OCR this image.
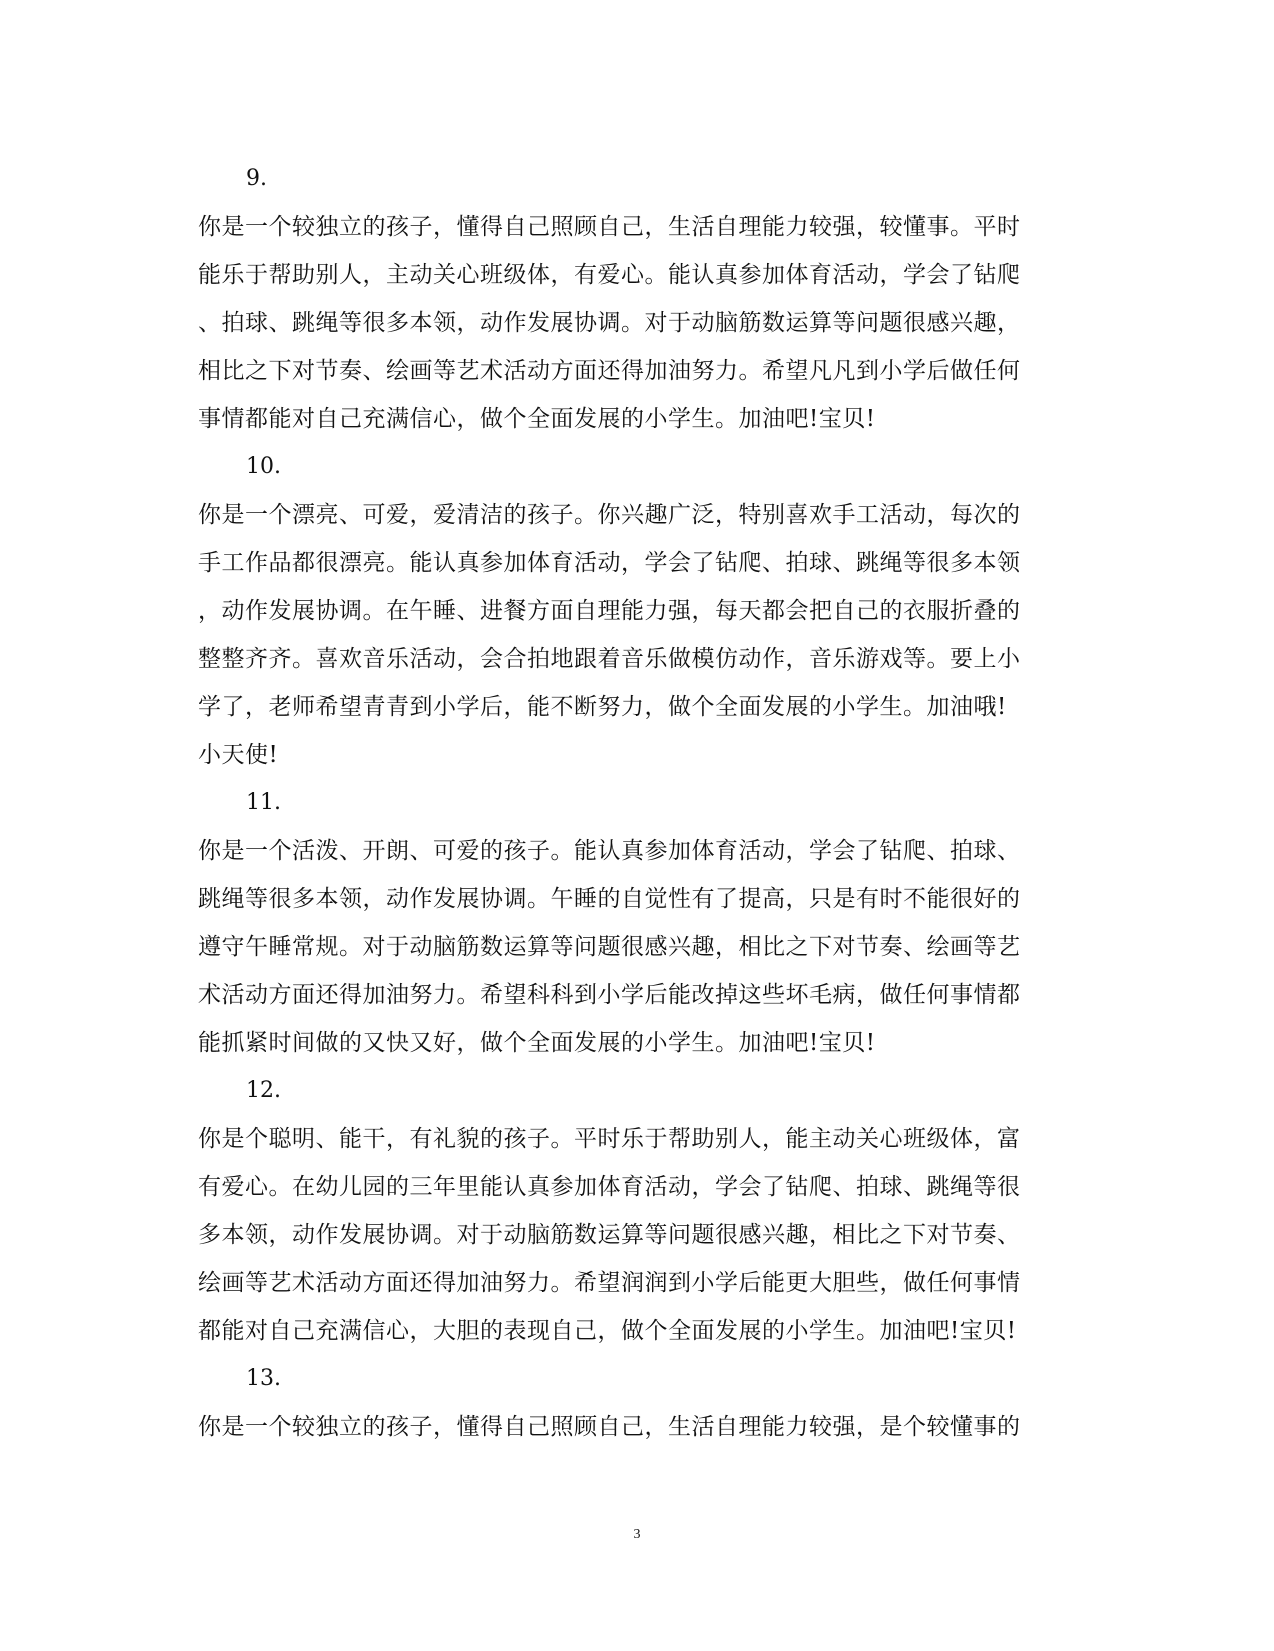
9.
你是一个较独立的孩子，懂得自己照顾自己，生活自理能力较强，较懂事。平时
能乐于帮助别人，主动关心班级体，有爱心。能认真参加体育活动，学会了钻爬
、拍球、跳绳等很多本领，动作发展协调。对于动脑筋数运算等问题很感兴趣，
相比之下对节奏、绘画等艺术活动方面还得加油努力。希望凡凡到小学后做任何
事情都能对自己充满信心，做个全面发展的小学生。加油吧!宝贝!
10.
你是一个漂亮、可爱，爱清洁的孩子。你兴趣广泛，特别喜欢手工活动，每次的
手工作品都很漂亮。能认真参加体育活动，学会了钻爬、拍球、跳绳等很多本领
，动作发展协调。在午睡、进餐方面自理能力强，每天都会把自己的衣服折叠的
整整齐齐。喜欢音乐活动，会合拍地跟着音乐做模仿动作，音乐游戏等。要上小
学了，老师希望青青到小学后，能不断努力，做个全面发展的小学生。加油哦!
小天使!
11.
你是一个活泼、开朗、可爱的孩子。能认真参加体育活动，学会了钻爬、拍球、
跳绳等很多本领，动作发展协调。午睡的自觉性有了提高，只是有时不能很好的
遵守午睡常规。对于动脑筋数运算等问题很感兴趣，相比之下对节奏、绘画等艺
术活动方面还得加油努力。希望科科到小学后能改掉这些坏毛病，做任何事情都
能抓紧时间做的又快又好，做个全面发展的小学生。加油吧!宝贝!
12.
你是个聪明、能干，有礼貌的孩子。平时乐于帮助别人，能主动关心班级体，富
有爱心。在幼儿园的三年里能认真参加体育活动，学会了钻爬、拍球、跳绳等很
多本领，动作发展协调。对于动脑筋数运算等问题很感兴趣，相比之下对节奏、
绘画等艺术活动方面还得加油努力。希望润润到小学后能更大胆些，做任何事情
都能对自己充满信心，大胆的表现自己，做个全面发展的小学生。加油吧!宝贝!
13.
你是一个较独立的孩子，懂得自己照顾自己，生活自理能力较强，是个较懂事的
3
